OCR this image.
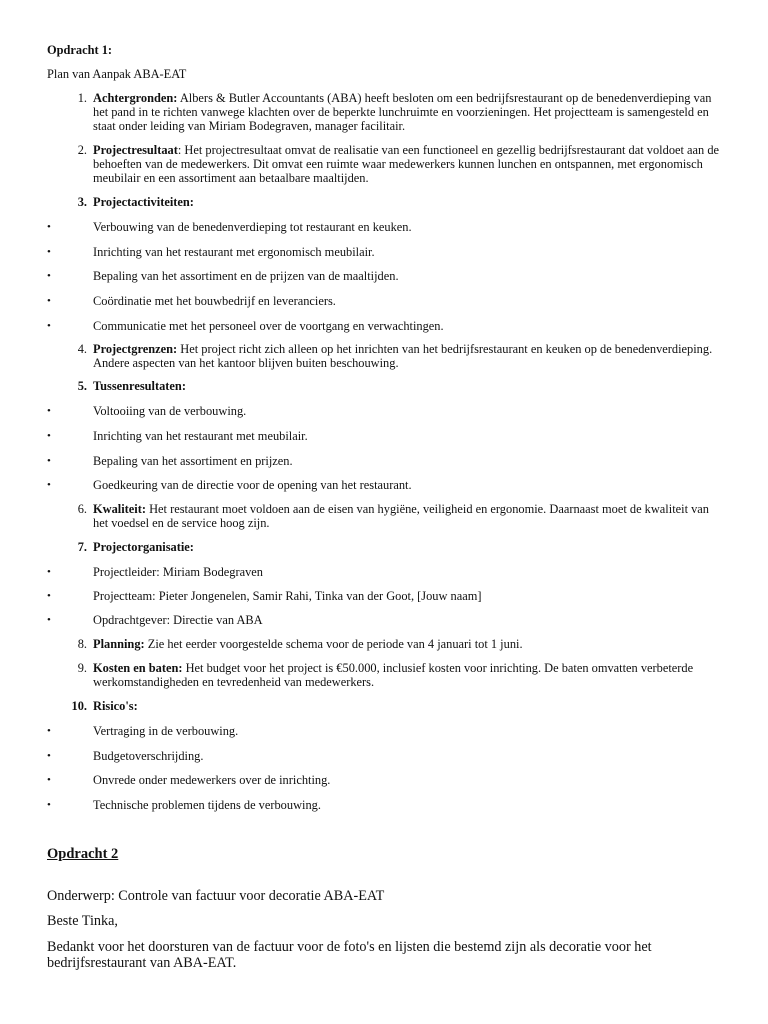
Opdracht 1:
Plan van Aanpak ABA-EAT
1. Achtergronden: Albers & Butler Accountants (ABA) heeft besloten om een bedrijfsrestaurant op de benedenverdieping van het pand in te richten vanwege klachten over de beperkte lunchruimte en voorzieningen. Het projectteam is samengesteld en staat onder leiding van Miriam Bodegraven, manager facilitair.
2. Projectresultaat: Het projectresultaat omvat de realisatie van een functioneel en gezellig bedrijfsrestaurant dat voldoet aan de behoeften van de medewerkers. Dit omvat een ruimte waar medewerkers kunnen lunchen en ontspannen, met ergonomisch meubilair en een assortiment aan betaalbare maaltijden.
3. Projectactiviteiten:
•	Verbouwing van de benedenverdieping tot restaurant en keuken.
•	Inrichting van het restaurant met ergonomisch meubilair.
•	Bepaling van het assortiment en de prijzen van de maaltijden.
•	Coördinatie met het bouwbedrijf en leveranciers.
•	Communicatie met het personeel over de voortgang en verwachtingen.
4. Projectgrenzen: Het project richt zich alleen op het inrichten van het bedrijfsrestaurant en keuken op de benedenverdieping. Andere aspecten van het kantoor blijven buiten beschouwing.
5. Tussenresultaten:
•	Voltooiing van de verbouwing.
•	Inrichting van het restaurant met meubilair.
•	Bepaling van het assortiment en prijzen.
•	Goedkeuring van de directie voor de opening van het restaurant.
6. Kwaliteit: Het restaurant moet voldoen aan de eisen van hygiëne, veiligheid en ergonomie. Daarnaast moet de kwaliteit van het voedsel en de service hoog zijn.
7. Projectorganisatie:
•	Projectleider: Miriam Bodegraven
•	Projectteam: Pieter Jongenelen, Samir Rahi, Tinka van der Goot, [Jouw naam]
•	Opdrachtgever: Directie van ABA
8. Planning: Zie het eerder voorgestelde schema voor de periode van 4 januari tot 1 juni.
9. Kosten en baten: Het budget voor het project is €50.000, inclusief kosten voor inrichting. De baten omvatten verbeterde werkomstandigheden en tevredenheid van medewerkers.
10. Risico's:
•	Vertraging in de verbouwing.
•	Budgetoverschrijding.
•	Onvrede onder medewerkers over de inrichting.
•	Technische problemen tijdens de verbouwing.
Opdracht 2
Onderwerp: Controle van factuur voor decoratie ABA-EAT
Beste Tinka,
Bedankt voor het doorsturen van de factuur voor de foto's en lijsten die bestemd zijn als decoratie voor het bedrijfsrestaurant van ABA-EAT.
